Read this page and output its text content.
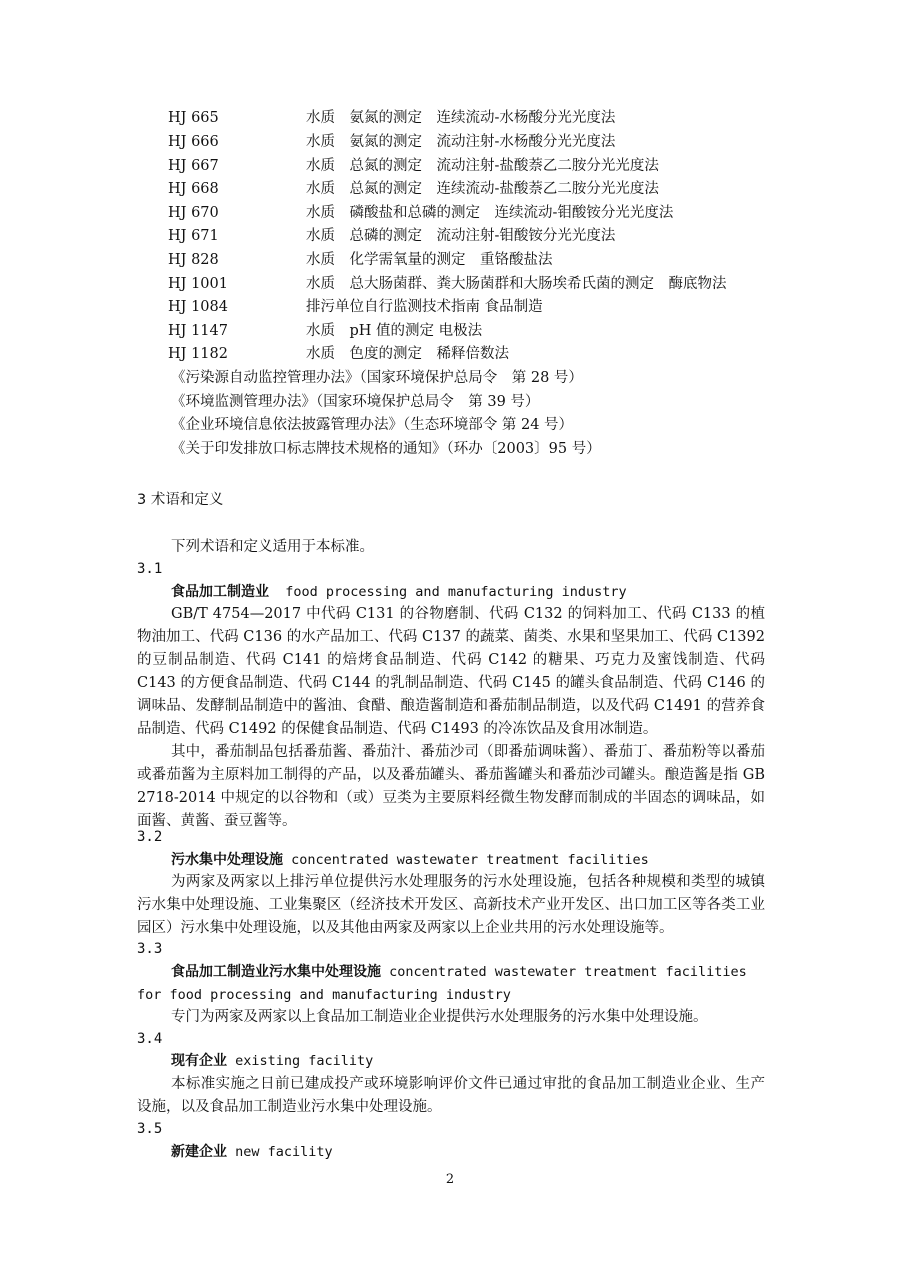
HJ 665	水质　氨氮的测定　连续流动-水杨酸分光光度法
HJ 666	水质　氨氮的测定　流动注射-水杨酸分光光度法
HJ 667	水质　总氮的测定　流动注射-盐酸萘乙二胺分光光度法
HJ 668	水质　总氮的测定　连续流动-盐酸萘乙二胺分光光度法
HJ 670	水质　磷酸盐和总磷的测定　连续流动-钼酸铵分光光度法
HJ 671	水质　总磷的测定　流动注射-钼酸铵分光光度法
HJ 828	水质　化学需氧量的测定　重铬酸盐法
HJ 1001	水质　总大肠菌群、粪大肠菌群和大肠埃希氏菌的测定　酶底物法
HJ 1084	排污单位自行监测技术指南 食品制造
HJ 1147	水质　pH 值的测定 电极法
HJ 1182	水质　色度的测定　稀释倍数法
《污染源自动监控管理办法》（国家环境保护总局令　第 28 号）
《环境监测管理办法》（国家环境保护总局令　第 39 号）
《企业环境信息依法披露管理办法》（生态环境部令 第 24 号）
《关于印发排放口标志牌技术规格的通知》（环办〔2003〕95 号）
3 术语和定义
下列术语和定义适用于本标准。
3.1
食品加工制造业 food processing and manufacturing industry

GB/T 4754—2017 中代码 C131 的谷物磨制、代码 C132 的饲料加工、代码 C133 的植物油加工、代码 C136 的水产品加工、代码 C137 的蔬菜、菌类、水果和坚果加工、代码 C1392 的豆制品制造、代码 C141 的焙烤食品制造、代码 C142 的糖果、巧克力及蜜饯制造、代码 C143 的方便食品制造、代码 C144 的乳制品制造、代码 C145 的罐头食品制造、代码 C146 的调味品、发酵制品制造中的酱油、食醋、酿造酱制造和番茄制品制造，以及代码 C1491 的营养食品制造、代码 C1492 的保健食品制造、代码 C1493 的冷冻饮品及食用冰制造。

其中，番茄制品包括番茄酱、番茄汁、番茄沙司（即番茄调味酱）、番茄丁、番茄粉等以番茄或番茄酱为主原料加工制得的产品，以及番茄罐头、番茄酱罐头和番茄沙司罐头。酿造酱是指 GB 2718-2014 中规定的以谷物和（或）豆类为主要原料经微生物发酵而制成的半固态的调味品，如面酱、黄酱、蚕豆酱等。

3.2
污水集中处理设施 concentrated wastewater treatment facilities

为两家及两家以上排污单位提供污水处理服务的污水处理设施，包括各种规模和类型的城镇污水集中处理设施、工业集聚区（经济技术开发区、高新技术产业开发区、出口加工区等各类工业园区）污水集中处理设施，以及其他由两家及两家以上企业共用的污水处理设施等。

3.3
食品加工制造业污水集中处理设施 concentrated wastewater treatment facilities
for food processing and manufacturing industry

专门为两家及两家以上食品加工制造业企业提供污水处理服务的污水集中处理设施。

3.4
现有企业 existing facility

本标准实施之日前已建成投产或环境影响评价文件已通过审批的食品加工制造业企业、生产设施，以及食品加工制造业污水集中处理设施。

3.5
新建企业 new facility
2
